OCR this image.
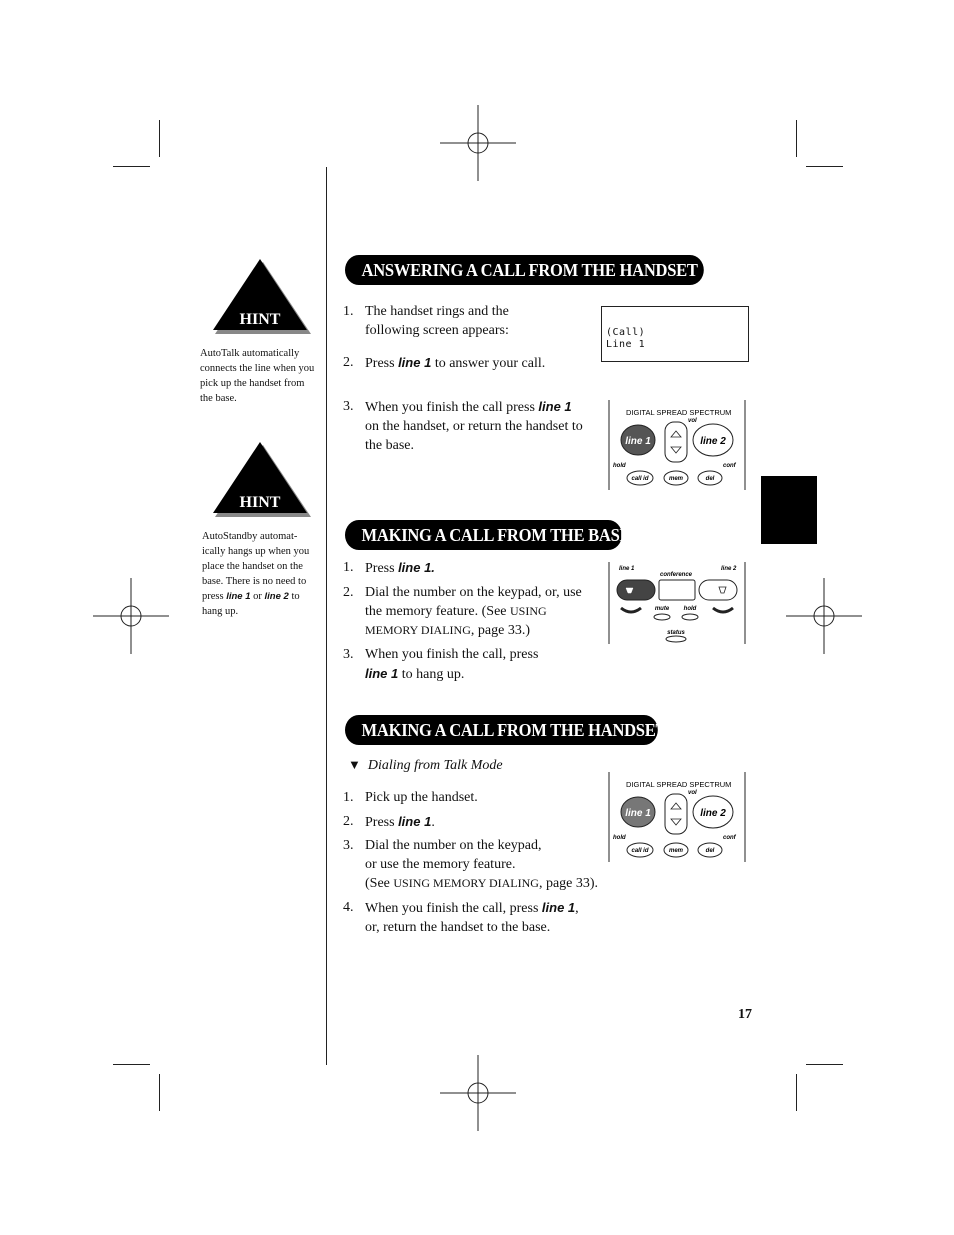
HINT
AutoTalk automatically
connects the line when you
pick up the handset from
the base.
HINT
AutoStandby automat-
ically hangs up when you
place the handset on the
base. There is no need to
press line 1 or line 2 to
hang up.
ANSWERING A CALL FROM THE HANDSET
1. The handset rings and the
following screen appears:	(Call)
Line 1
2. Press line 1 to answer your call.
3. When you finish the call press line 1
on the handset, or return the handset to
the base.
DIGITAL SPREAD SPECTRUM
vol
line 1	line 2
hold	conf
call id	mem	del
MAKING A CALL FROM THE BASE
1. Press line 1.
2. Dial the number on the keypad, or, use
the memory feature. (See USING
MEMORY DIALING, page 33.)
3. When you finish the call, press
line 1 to hang up.
line 1	line 2
conference
mute hold
status
MAKING A CALL FROM THE HANDSET
▼ Dialing from Talk Mode
1. Pick up the handset.
2. Press line 1.
3. Dial the number on the keypad,
or use the memory feature.
(See USING MEMORY DIALING, page 33).
4. When you finish the call, press line 1,
or, return the handset to the base.
DIGITAL SPREAD SPECTRUM
vol
line 1	line 2
hold	conf
call id	mem	del
17
